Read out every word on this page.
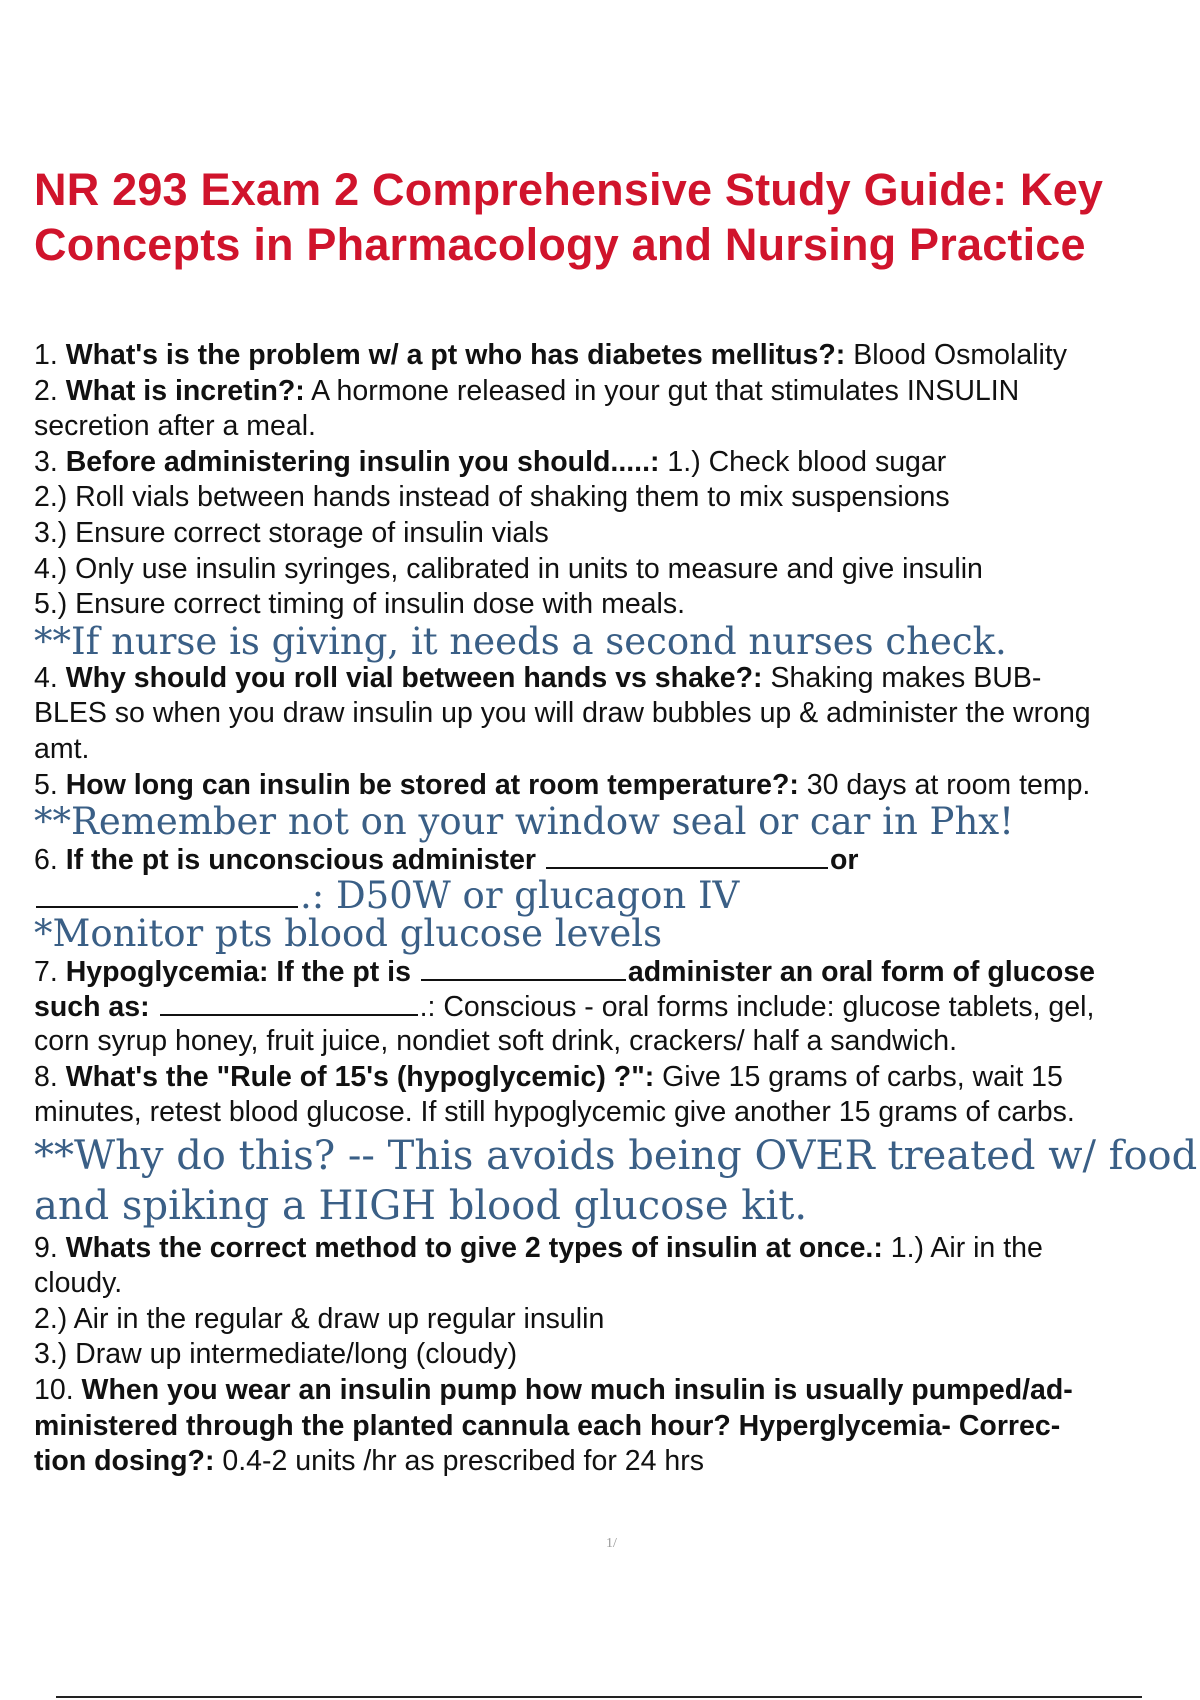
NR 293 Exam 2 Comprehensive Study Guide: Key Concepts in Pharmacology and Nursing Practice
1. What's is the problem w/ a pt who has diabetes mellitus?: Blood Osmolality
2. What is incretin?: A hormone released in your gut that stimulates INSULIN
secretion after a meal.
3. Before administering insulin you should.....: 1.) Check blood sugar
2.) Roll vials between hands instead of shaking them to mix suspensions
3.) Ensure correct storage of insulin vials
4.) Only use insulin syringes, calibrated in units to measure and give insulin
5.) Ensure correct timing of insulin dose with meals.
**If nurse is giving, it needs a second nurses check.
4. Why should you roll vial between hands vs shake?: Shaking makes BUB-
BLES so when you draw insulin up you will draw bubbles up & administer the wrong
amt.
5. How long can insulin be stored at room temperature?: 30 days at room temp.
**Remember not on your window seal or car in Phx!
6. If the pt is unconscious administer	or
.: D50W or glucagon IV
*Monitor pts blood glucose levels
7. Hypoglycemia: If the pt is	administer an oral form of glucose
such as:	.: Conscious - oral forms include: glucose tablets, gel,
corn syrup honey, fruit juice, nondiet soft drink, crackers/ half a sandwich.
8. What's the "Rule of 15's (hypoglycemic) ?": Give 15 grams of carbs, wait 15
minutes, retest blood glucose. If still hypoglycemic give another 15 grams of carbs.
**Why do this? -- This avoids being OVER treated w/ food
and spiking a HIGH blood glucose kit.
9. Whats the correct method to give 2 types of insulin at once.: 1.) Air in the
cloudy.
2.) Air in the regular & draw up regular insulin
3.) Draw up intermediate/long (cloudy)
10. When you wear an insulin pump how much insulin is usually pumped/ad-
ministered through the planted cannula each hour? Hyperglycemia- Correc-
tion dosing?: 0.4-2 units /hr as prescribed for 24 hrs
1/
